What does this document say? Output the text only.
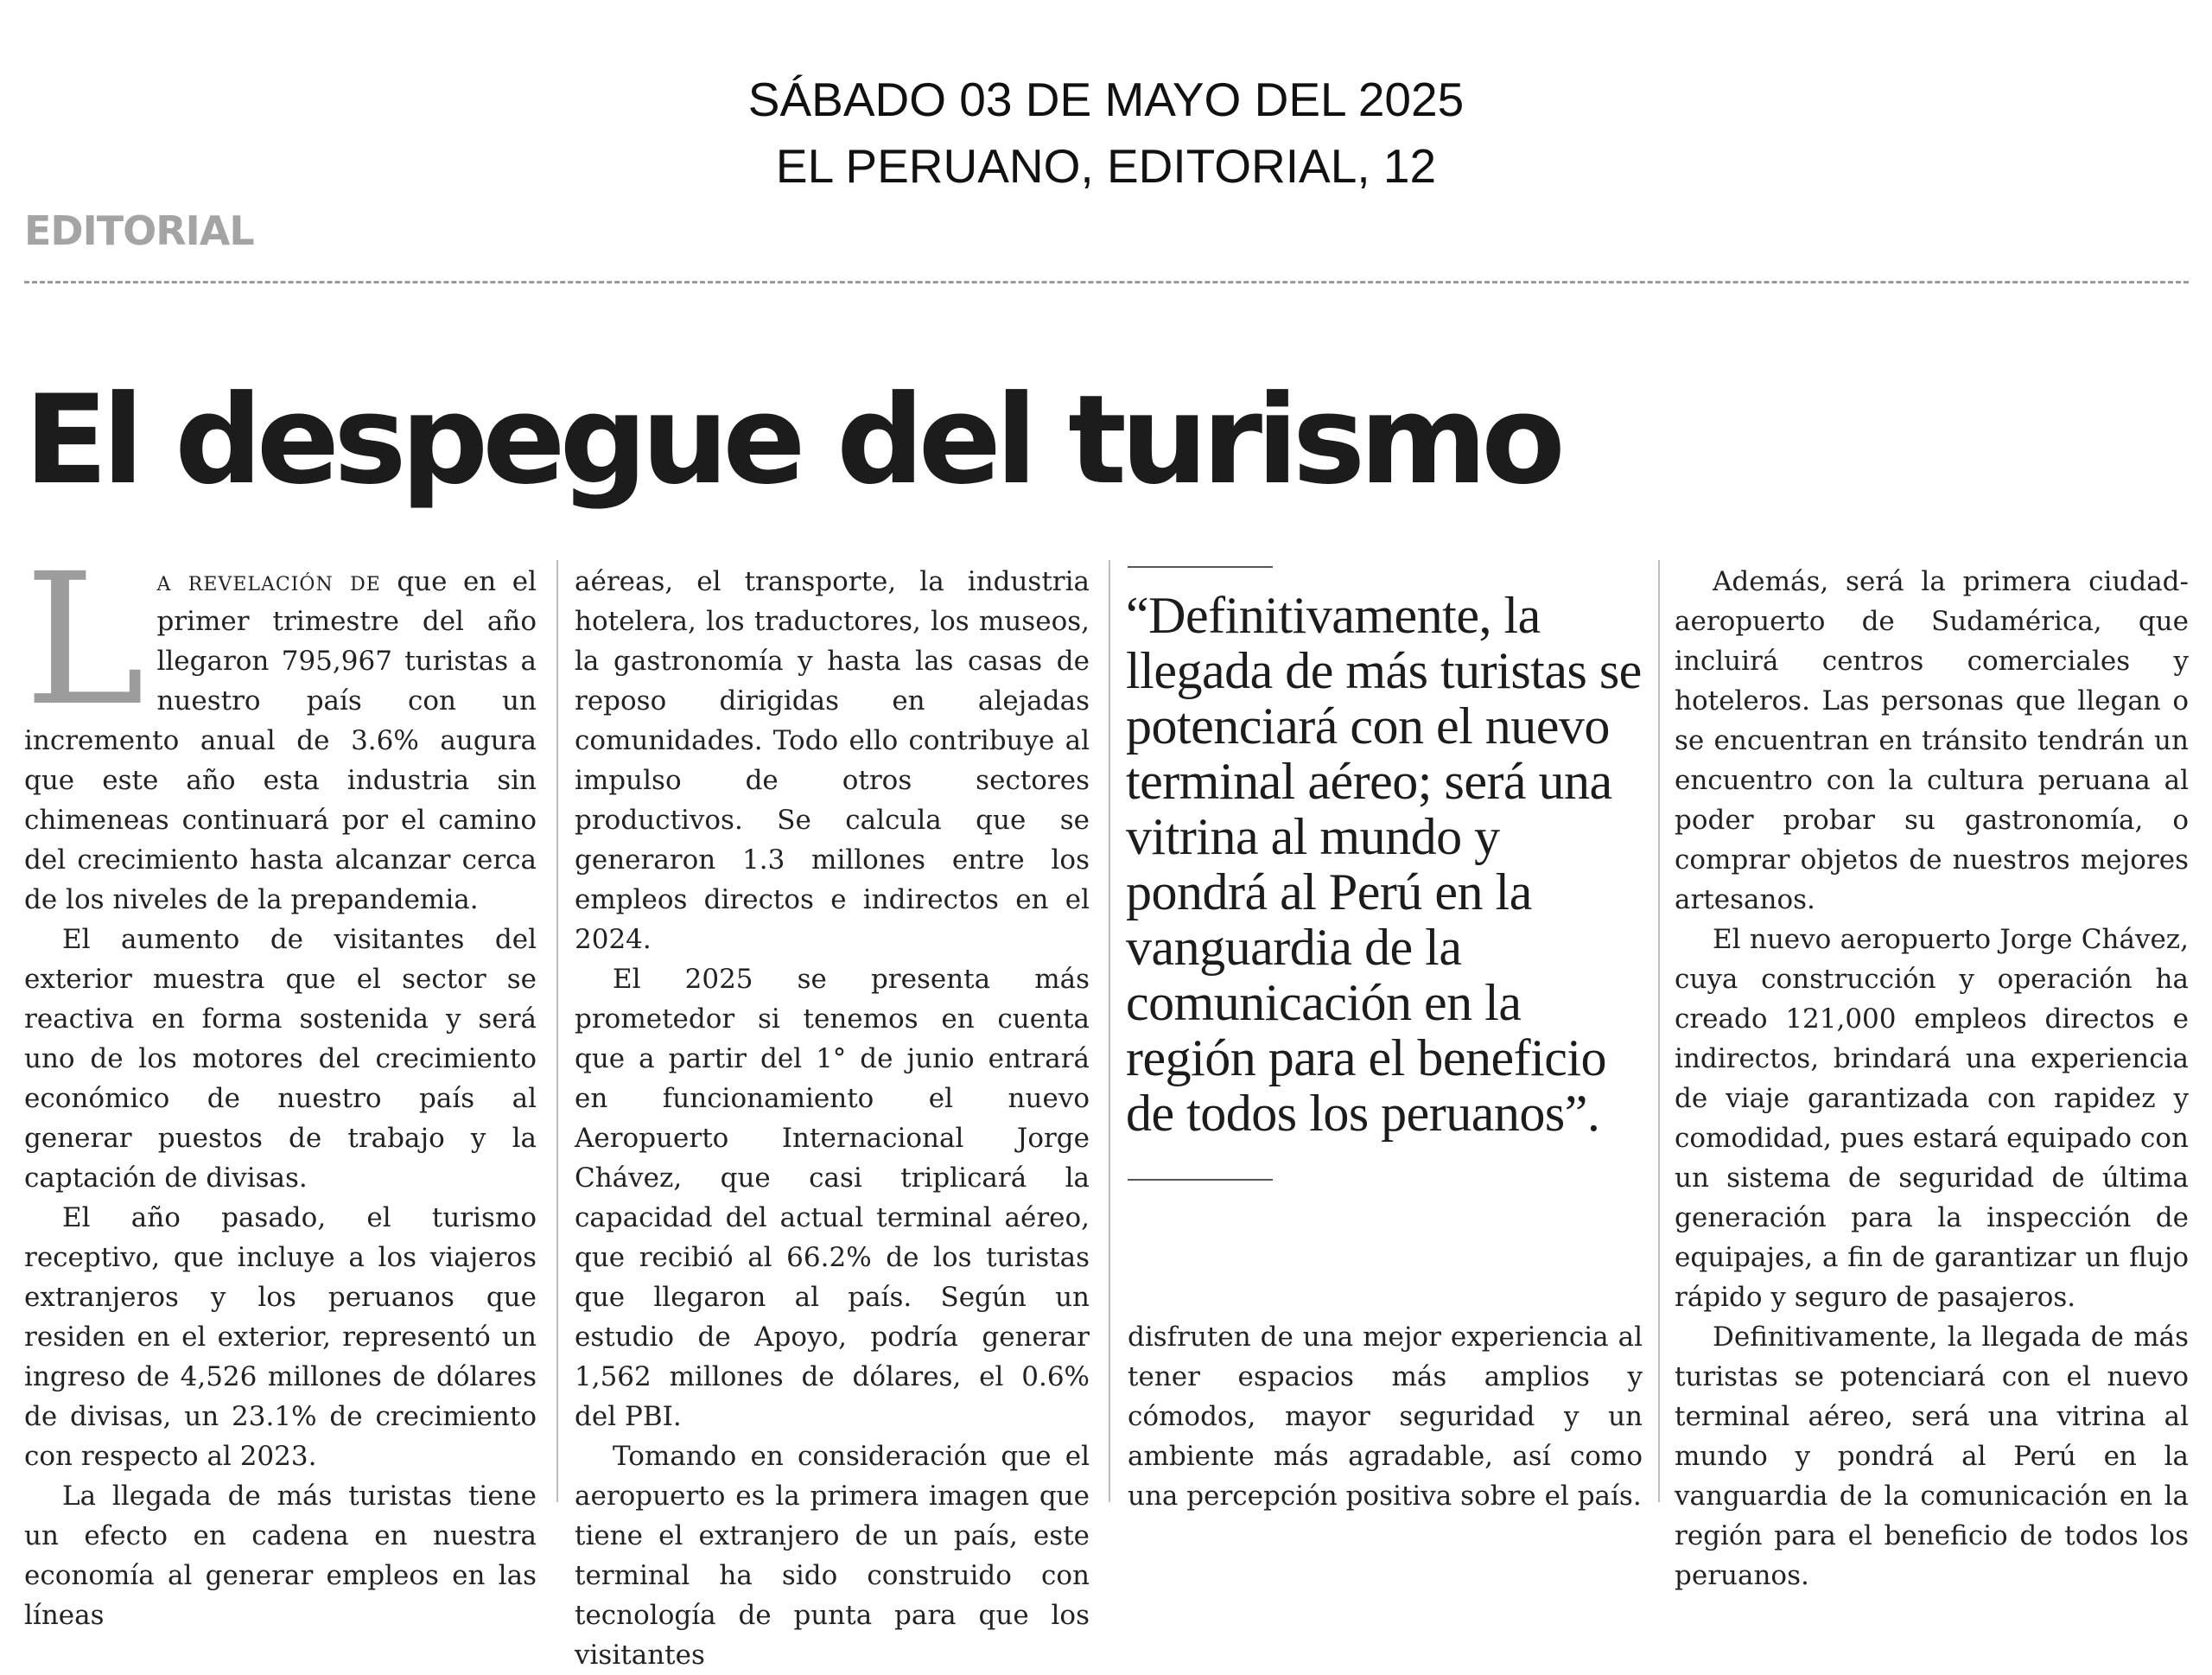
SÁBADO 03 DE MAYO DEL 2025
EL PERUANO, EDITORIAL, 12
EDITORIAL
El despegue del turismo

La revelación de que en el primer trimestre del año llegaron 795,967 turistas a nuestro país con un incremento anual de 3.6% augura que este año esta industria sin chimeneas continuará por el camino del crecimiento hasta alcanzar cerca de los niveles de la prepandemia.

El aumento de visitantes del exterior muestra que el sector se reactiva en forma sostenida y será uno de los motores del crecimiento económico de nuestro país al generar puestos de trabajo y la captación de divisas.

El año pasado, el turismo receptivo, que incluye a los viajeros extranjeros y los peruanos que residen en el exterior, representó un ingreso de 4,526 millones de dólares de divisas, un 23.1% de crecimiento con respecto al 2023.

La llegada de más turistas tiene un efecto en cadena en nuestra economía al generar empleos en las líneas

aéreas, el transporte, la industria hotelera, los traductores, los museos, la gastronomía y hasta las casas de reposo dirigidas en alejadas comunidades. Todo ello contribuye al impulso de otros sectores productivos. Se calcula que se generaron 1.3 millones entre los empleos directos e indirectos en el 2024.

El 2025 se presenta más prometedor si tenemos en cuenta que a partir del 1° de junio entrará en funcionamiento el nuevo Aeropuerto Internacional Jorge Chávez, que casi triplicará la capacidad del actual terminal aéreo, que recibió al 66.2% de los turistas que llegaron al país. Según un estudio de Apoyo, podría generar 1,562 millones de dólares, el 0.6% del PBI.

Tomando en consideración que el aeropuerto es la primera imagen que tiene el extranjero de un país, este terminal ha sido construido con tecnología de punta para que los visitantes

“Definitivamente, la llegada de más turistas se potenciará con el nuevo terminal aéreo; será una vitrina al mundo y pondrá al Perú en la vanguardia de la comunicación en la región para el beneficio de todos los peruanos”.

disfruten de una mejor experiencia al tener espacios más amplios y cómodos, mayor seguridad y un ambiente más agradable, así como una percepción positiva sobre el país.

Además, será la primera ciudad-aeropuerto de Sudamérica, que incluirá centros comerciales y hoteleros. Las personas que llegan o se encuentran en tránsito tendrán un encuentro con la cultura peruana al poder probar su gastronomía, o comprar objetos de nuestros mejores artesanos.

El nuevo aeropuerto Jorge Chávez, cuya construcción y operación ha creado 121,000 empleos directos e indirectos, brindará una experiencia de viaje garantizada con rapidez y comodidad, pues estará equipado con un sistema de seguridad de última generación para la inspección de equipajes, a fin de garantizar un flujo rápido y seguro de pasajeros.

Definitivamente, la llegada de más turistas se potenciará con el nuevo terminal aéreo, será una vitrina al mundo y pondrá al Perú en la vanguardia de la comunicación en la región para el beneficio de todos los peruanos.
